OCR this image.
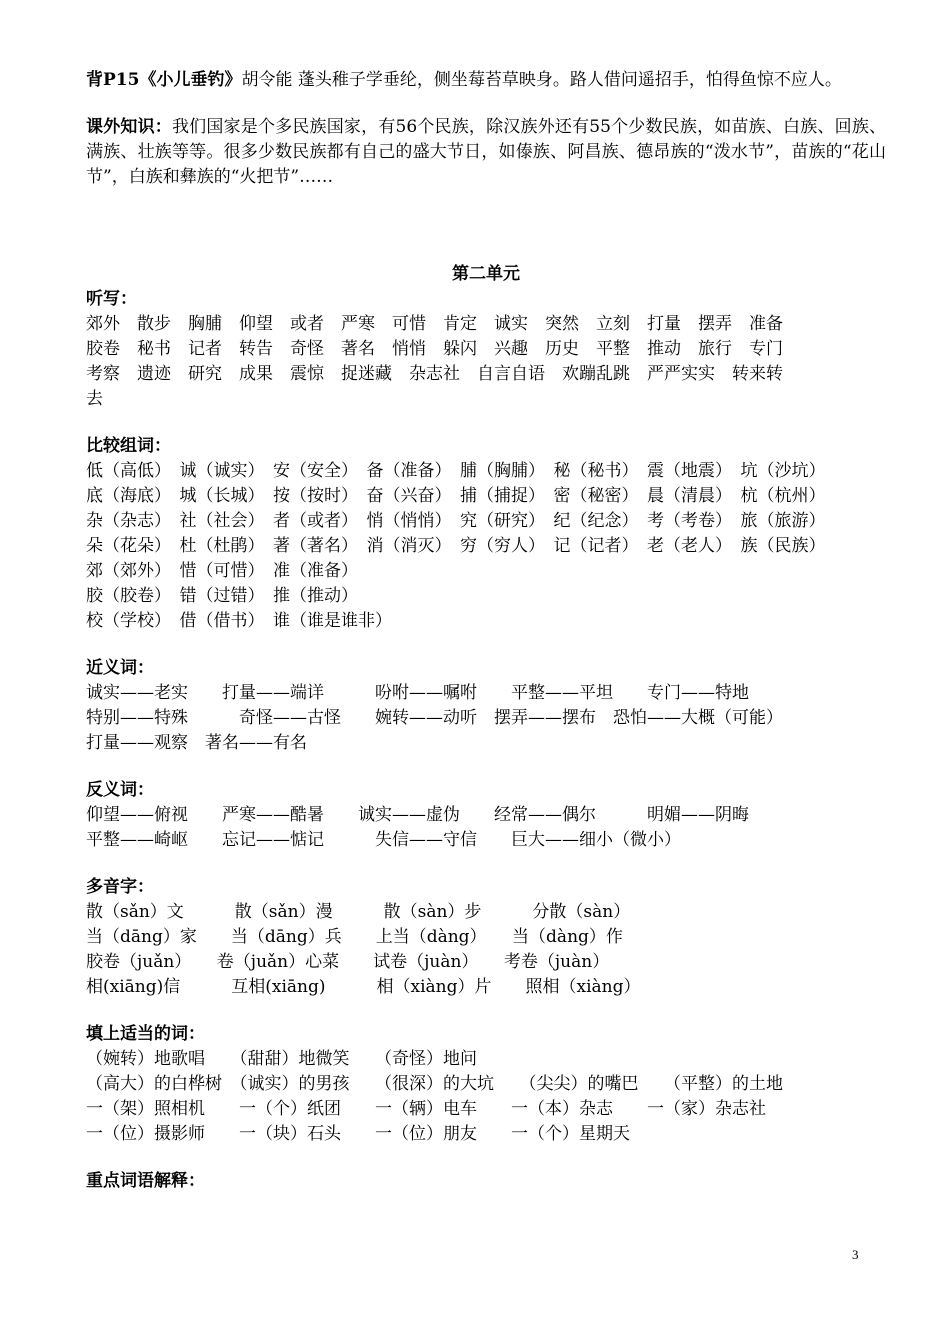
背P15《小儿垂钓》胡令能 蓬头稚子学垂纶，侧坐莓苔草映身。路人借问遥招手，怕得鱼惊不应人。

课外知识：我们国家是个多民族国家，有56个民族，除汉族外还有55个少数民族，如苗族、白族、回族、满族、壮族等等。很多少数民族都有自己的盛大节日，如傣族、阿昌族、德昂族的“泼水节”，苗族的“花山节”，白族和彝族的“火把节”……

第二单元

听写：

郊外　散步　胸脯　仰望　或者　严寒　可惜　肯定　诚实　突然　立刻　打量　摆弄　准备
胶卷　秘书　记者　转告　奇怪　著名　悄悄　躲闪　兴趣　历史　平整　推动　旅行　专门
考察　遗迹　研究　成果　震惊　捉迷藏　杂志社　自言自语　欢蹦乱跳　严严实实　转来转
去

比较组词：

低（高低）　诚（诚实）　安（安全）　备（准备）　脯（胸脯）　秘（秘书）　震（地震）　坑（沙坑）
底（海底）　城（长城）　按（按时）　奋（兴奋）　捕（捕捉）　密（秘密）　晨（清晨）　杭（杭州）
杂（杂志）　社（社会）　者（或者）　悄（悄悄）　究（研究）　纪（纪念）　考（考卷）　旅（旅游）
朵（花朵）　杜（杜鹃）　著（著名）　消（消灭）　穷（穷人）　记（记者）　老（老人）　族（民族）
郊（郊外）　惜（可惜）　准（准备）
胶（胶卷）　错（过错）　推（推动）
校（学校）　借（借书）　谁（谁是谁非）

近义词：

诚实——老实　　打量——端详　　　吩咐——嘱咐　　平整——平坦　　专门——特地
特别——特殊　　　奇怪——古怪　　婉转——动听　摆弄——摆布　恐怕——大概（可能）
打量——观察　著名——有名

反义词：

仰望——俯视　　严寒——酷暑　　诚实——虚伪　　经常——偶尔　　　明媚——阴晦
平整——崎岖　　忘记——惦记　　　失信——守信　　巨大——细小（微小）

多音字：

散（sǎn）文　　　散（sǎn）漫　　　散（sàn）步　　　分散（sàn）
当（dāng）家　　当（dāng）兵　　上当（dàng）　　当（dàng）作
胶卷（juǎn）　　卷（juǎn）心菜　　试卷（juàn）　　考卷（juàn）
相(xiāng)信　　　互相(xiāng)　　　相（xiàng）片　　照相（xiàng）

填上适当的词：

（婉转）地歌唱　　（甜甜）地微笑　　（奇怪）地问
（高大）的白桦树　（诚实）的男孩　　（很深）的大坑　　（尖尖）的嘴巴　　（平整）的土地
一（架）照相机　　一（个）纸团　　一（辆）电车　　一（本）杂志　　一（家）杂志社
一（位）摄影师　　一（块）石头　　一（位）朋友　　一（个）星期天

重点词语解释：

3
